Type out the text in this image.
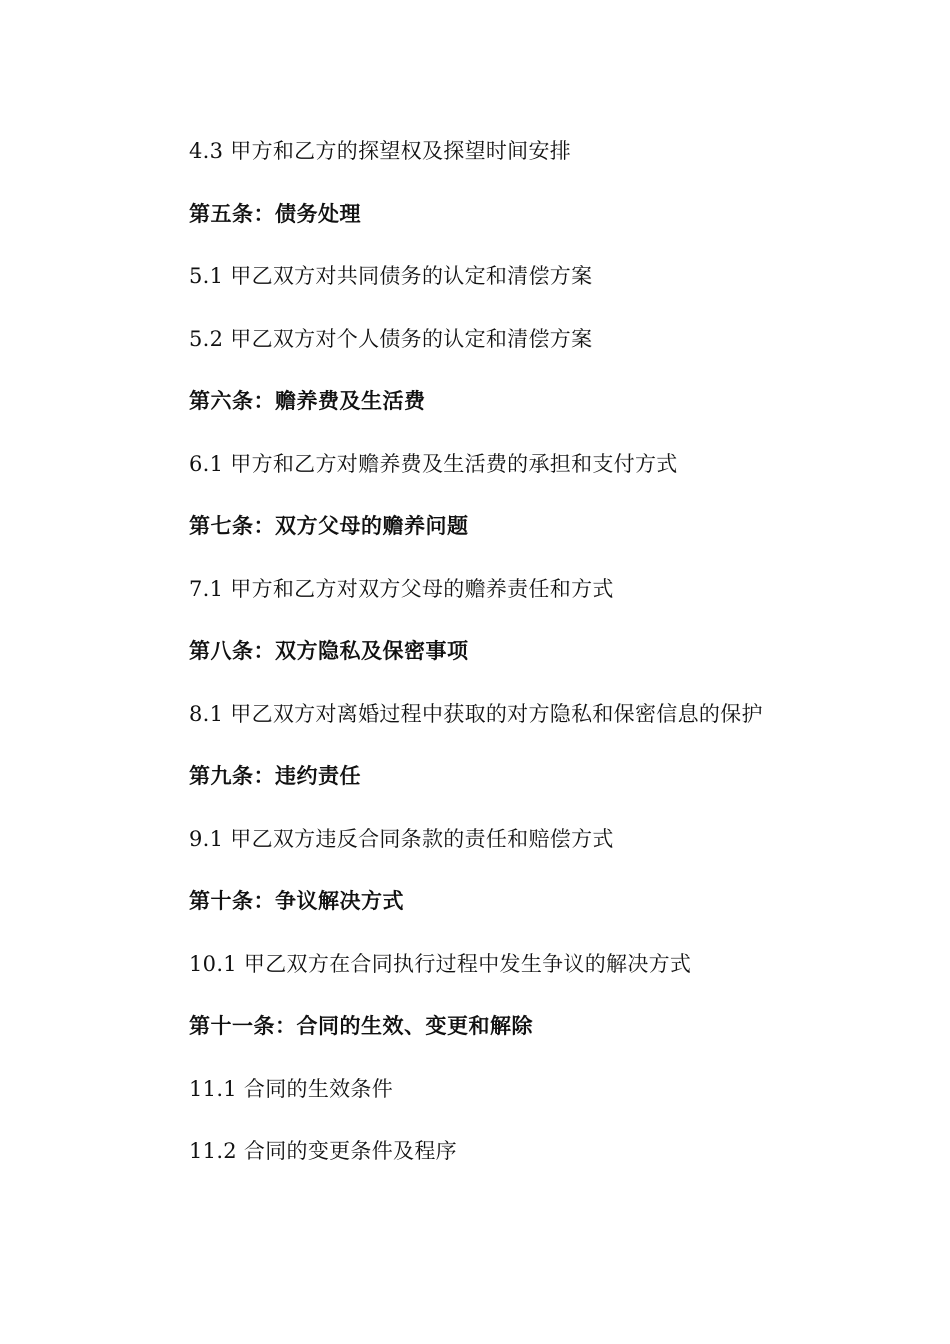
4.3 甲方和乙方的探望权及探望时间安排
第五条：债务处理
5.1 甲乙双方对共同债务的认定和清偿方案
5.2 甲乙双方对个人债务的认定和清偿方案
第六条：赡养费及生活费
6.1 甲方和乙方对赡养费及生活费的承担和支付方式
第七条：双方父母的赡养问题
7.1 甲方和乙方对双方父母的赡养责任和方式
第八条：双方隐私及保密事项
8.1 甲乙双方对离婚过程中获取的对方隐私和保密信息的保护
第九条：违约责任
9.1 甲乙双方违反合同条款的责任和赔偿方式
第十条：争议解决方式
10.1 甲乙双方在合同执行过程中发生争议的解决方式
第十一条：合同的生效、变更和解除
11.1 合同的生效条件
11.2 合同的变更条件及程序
